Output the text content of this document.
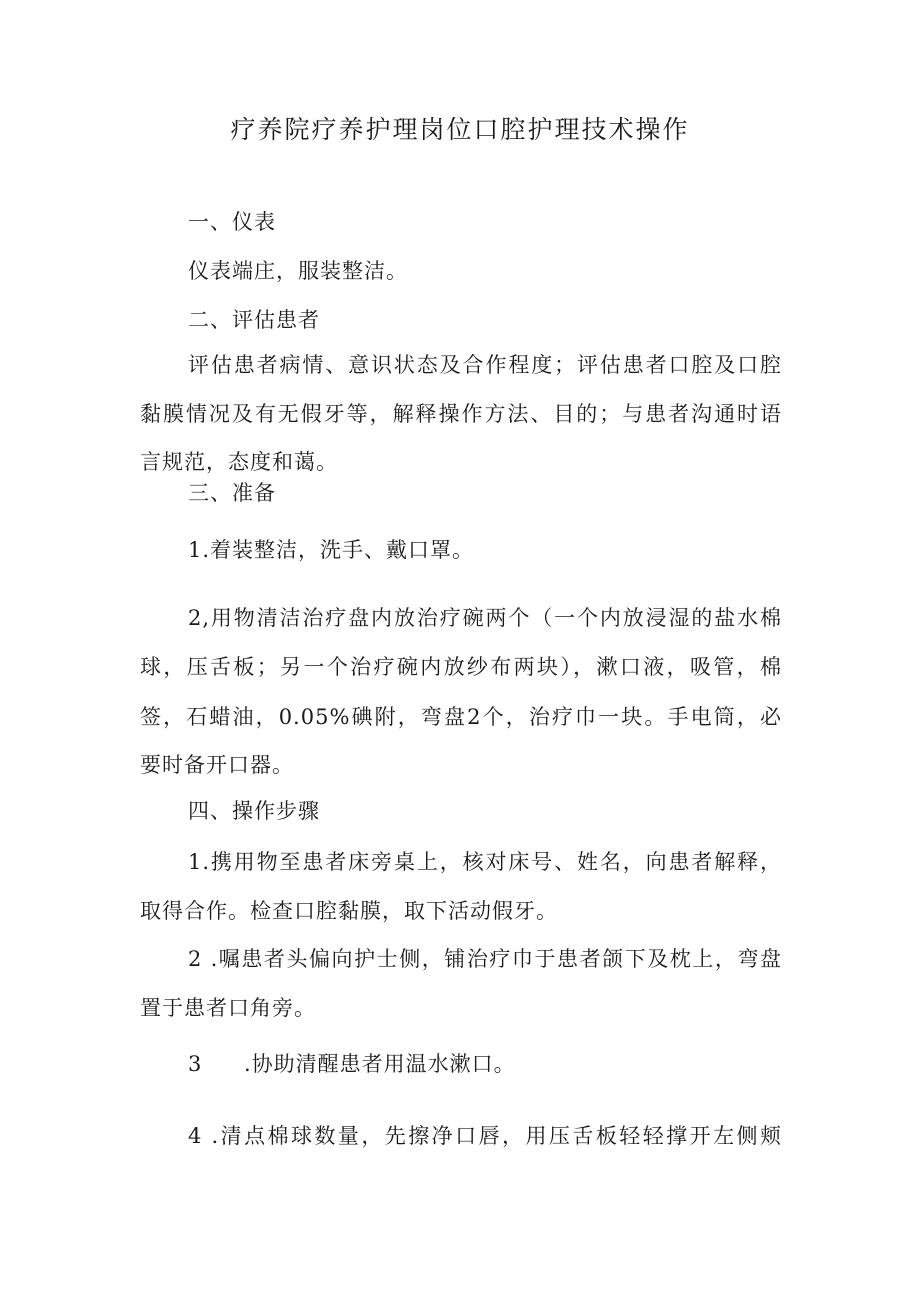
疗养院疗养护理岗位口腔护理技术操作
一、仪表
仪表端庄，服装整洁。
二、评估患者
评估患者病情、意识状态及合作程度；评估患者口腔及口腔
黏膜情况及有无假牙等，解释操作方法、目的；与患者沟通时语
言规范，态度和蔼。
三、准备
1.着装整洁，洗手、戴口罩。
2,用物清洁治疗盘内放治疗碗两个（一个内放浸湿的盐水棉
球，压舌板；另一个治疗碗内放纱布两块），漱口液，吸管，棉
签，石蜡油，0.05%碘附，弯盘2个，治疗巾一块。手电筒，必
要时备开口器。
四、操作步骤
1.携用物至患者床旁桌上，核对床号、姓名，向患者解释，
取得合作。检查口腔黏膜，取下活动假牙。
2 .嘱患者头偏向护士侧，铺治疗巾于患者颌下及枕上，弯盘
置于患者口角旁。
3 .协助清醒患者用温水漱口。
4 .清点棉球数量，先擦净口唇，用压舌板轻轻撑开左侧颊
